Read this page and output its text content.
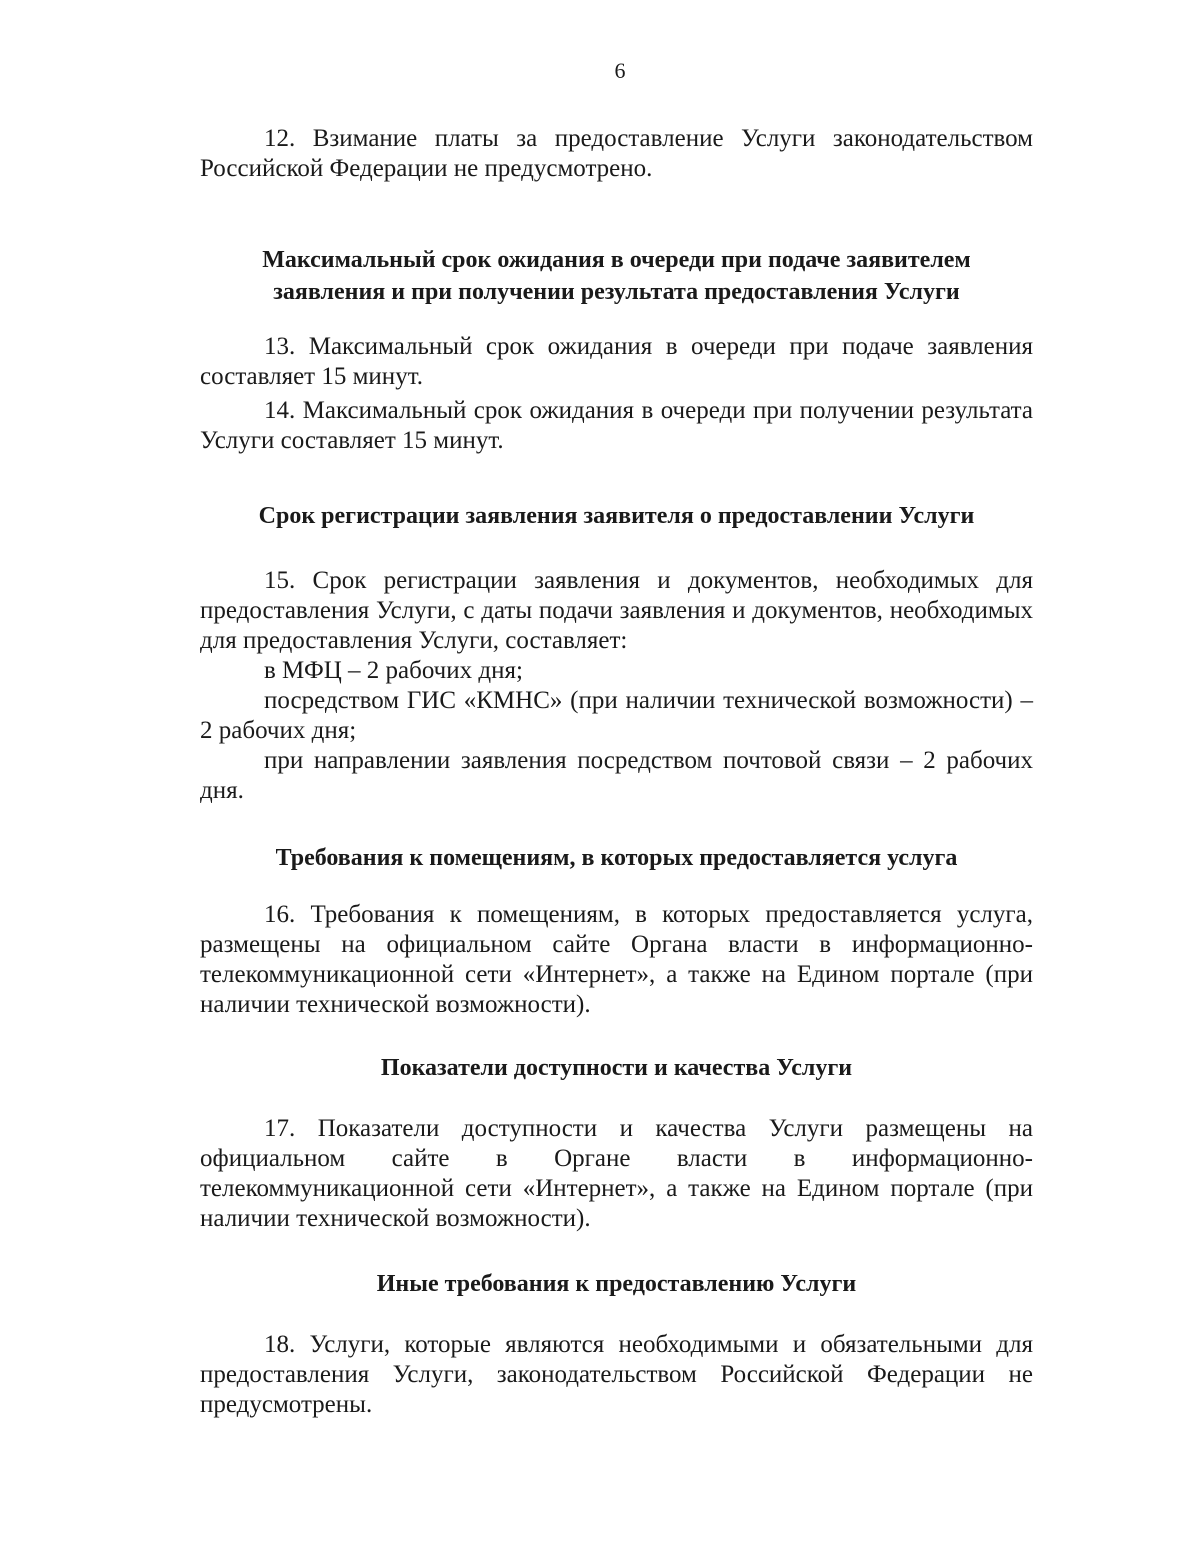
6

12. Взимание платы за предоставление Услуги законодательством Российской Федерации не предусмотрено.

Максимальный срок ожидания в очереди при подаче заявителем заявления и при получении результата предоставления Услуги

13. Максимальный срок ожидания в очереди при подаче заявления составляет 15 минут.

14. Максимальный срок ожидания в очереди при получении результата Услуги составляет 15 минут.

Срок регистрации заявления заявителя о предоставлении Услуги

15. Срок регистрации заявления и документов, необходимых для предоставления Услуги, с даты подачи заявления и документов, необходимых для предоставления Услуги, составляет:

в МФЦ – 2 рабочих дня;

посредством ГИС «КМНС» (при наличии технической возможности) – 2 рабочих дня;

при направлении заявления посредством почтовой связи – 2 рабочих дня.

Требования к помещениям, в которых предоставляется услуга

16. Требования к помещениям, в которых предоставляется услуга, размещены на официальном сайте Органа власти в информационно-телекоммуникационной сети «Интернет», а также на Едином портале (при наличии технической возможности).

Показатели доступности и качества Услуги

17. Показатели доступности и качества Услуги размещены на официальном сайте в Органе власти в информационно-телекоммуникационной сети «Интернет», а также на Едином портале (при наличии технической возможности).

Иные требования к предоставлению Услуги

18. Услуги, которые являются необходимыми и обязательными для предоставления Услуги, законодательством Российской Федерации не предусмотрены.
